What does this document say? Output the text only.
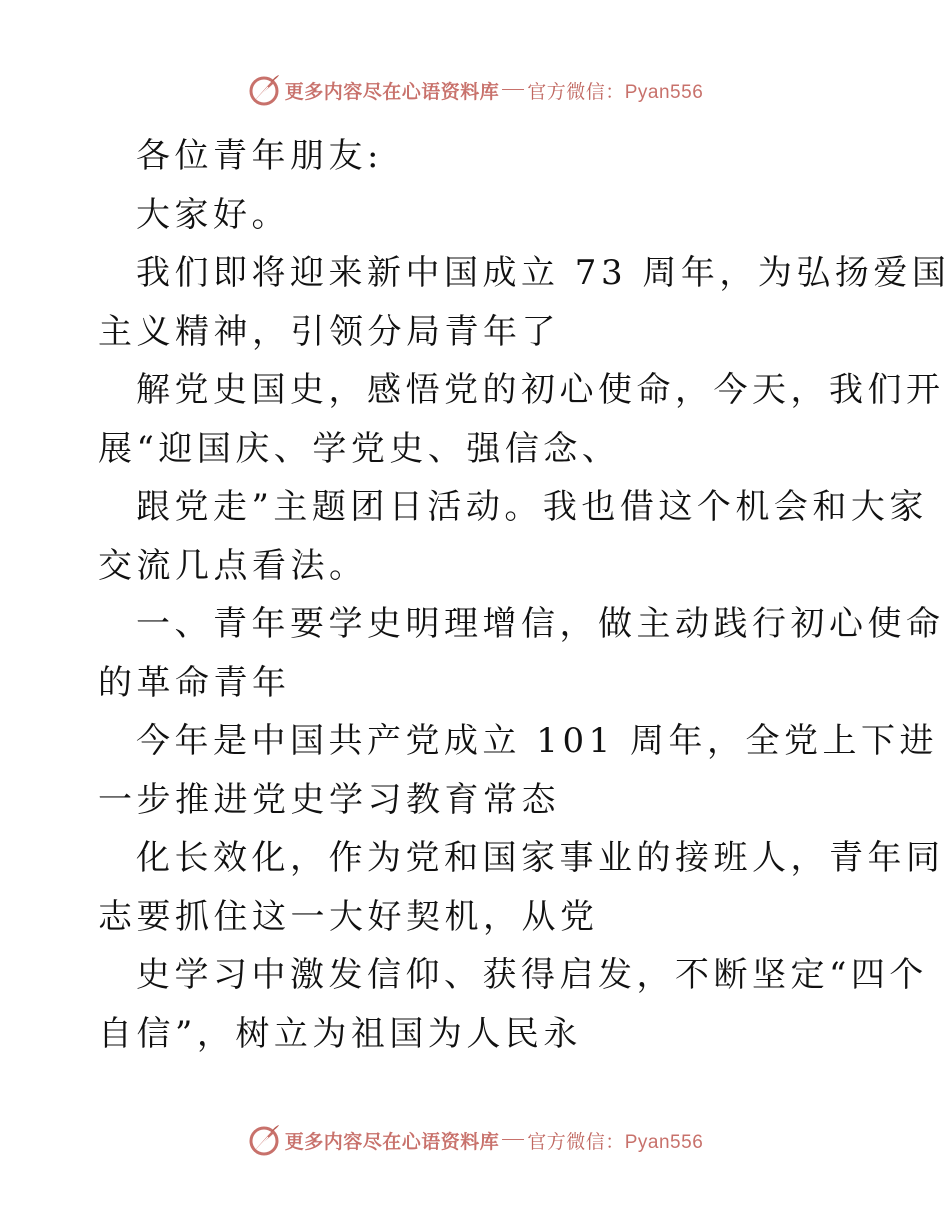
更多内容尽在心语资料库 官方微信：Pyan556
各位青年朋友:
大家好。
我们即将迎来新中国成立 73 周年，为弘扬爱国
主义精神，引领分局青年了
解党史国史，感悟党的初心使命，今天，我们开
展“迎国庆、学党史、强信念、
跟党走”主题团日活动。我也借这个机会和大家
交流几点看法。
一、青年要学史明理增信，做主动践行初心使命
的革命青年
今年是中国共产党成立 101 周年，全党上下进
一步推进党史学习教育常态
化长效化，作为党和国家事业的接班人，青年同
志要抓住这一大好契机，从党
史学习中激发信仰、获得启发，不断坚定“四个
自信”，树立为祖国为人民永
更多内容尽在心语资料库 官方微信：Pyan556
